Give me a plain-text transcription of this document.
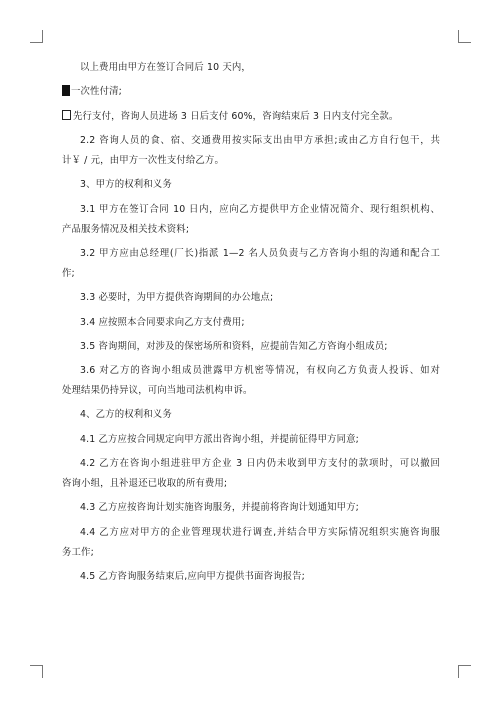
以上费用由甲方在签订合同后 10 天内，
一次性付清;
先行支付，咨询人员进场 3 日后支付 60%，咨询结束后 3 日内支付完全款。
2.2 咨询人员的食、宿、交通费用按实际支出由甲方承担;或由乙方自行包干，共
计￥ / 元，由甲方一次性支付给乙方。
3、甲方的权利和义务
3.1 甲方在签订合同 10 日内，应向乙方提供甲方企业情况简介、现行组织机构、
产品服务情况及相关技术资料;
3.2 甲方应由总经理(厂长)指派 1—2 名人员负责与乙方咨询小组的沟通和配合工
作;
3.3 必要时，为甲方提供咨询期间的办公地点;
3.4 应按照本合同要求向乙方支付费用;
3.5 咨询期间，对涉及的保密场所和资料，应提前告知乙方咨询小组成员;
3.6 对乙方的咨询小组成员泄露甲方机密等情况，有权向乙方负责人投诉、如对
处理结果仍持异议，可向当地司法机构申诉。
4、乙方的权利和义务
4.1 乙方应按合同规定向甲方派出咨询小组，并提前征得甲方同意;
4.2 乙方在咨询小组进驻甲方企业 3 日内仍未收到甲方支付的款项时，可以撤回
咨询小组，且补退还已收取的所有费用;
4.3 乙方应按咨询计划实施咨询服务，并提前将咨询计划通知甲方;
4.4 乙方应对甲方的企业管理现状进行调查,并结合甲方实际情况组织实施咨询服
务工作;
4.5 乙方咨询服务结束后,应向甲方提供书面咨询报告;
